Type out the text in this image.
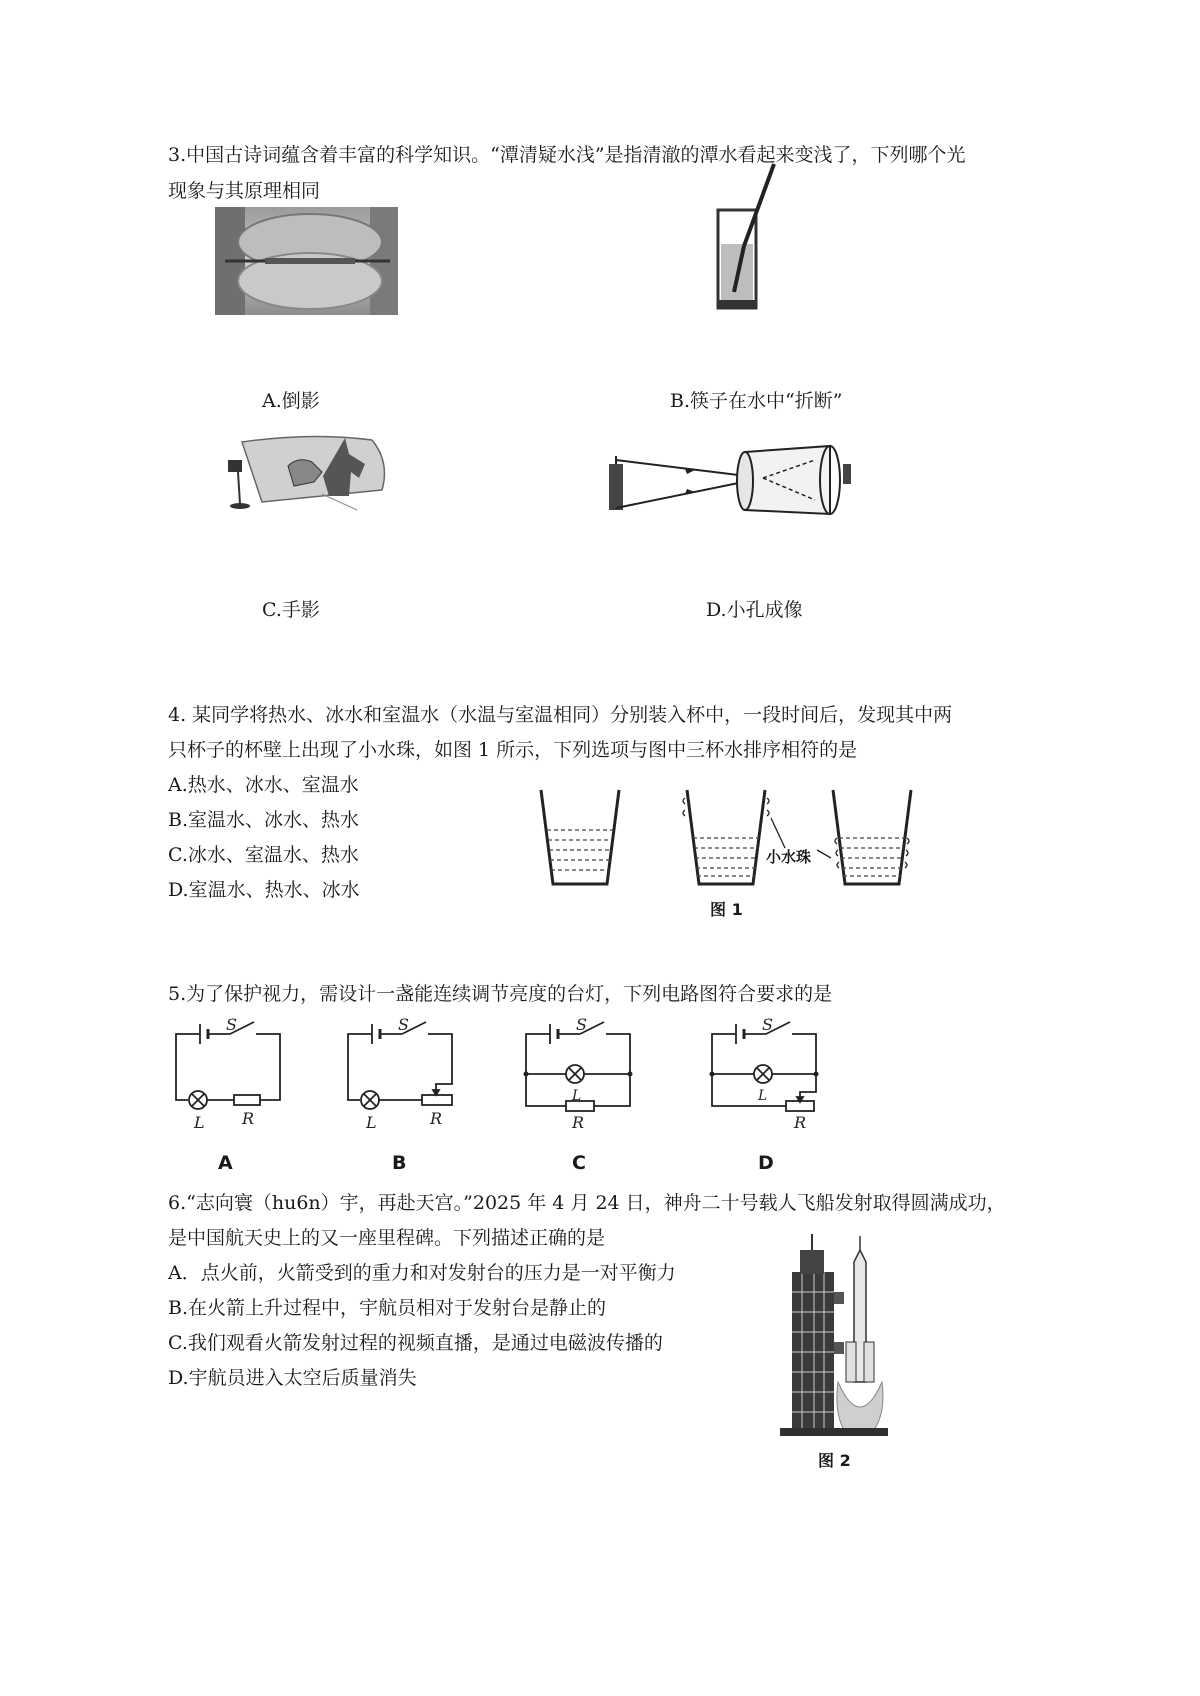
3.中国古诗词蕴含着丰富的科学知识。“潭清疑水浅”是指清澈的潭水看起来变浅了，下列哪个光
现象与其原理相同
A.倒影	B.筷子在水中“折断”
C.手影	D.小孔成像
4. 某同学将热水、冰水和室温水（水温与室温相同）分别装入杯中，一段时间后，发现其中两
只杯子的杯壁上出现了小水珠，如图 1 所示，下列选项与图中三杯水排序相符的是
A.热水、冰水、室温水
B.室温水、冰水、热水
C.冰水、室温水、热水
D.室温水、热水、冰水
小水珠
图 1
5.为了保护视力，需设计一盏能连续调节亮度的台灯，下列电路图符合要求的是
S
L R
A
S
L	R
B
S
L
R
C
S
L
R
D
6.“志向寰（hu6n）宇，再赴天宫。”2025 年 4 月 24 日，神舟二十号载人飞船发射取得圆满成功，
是中国航天史上的又一座里程碑。下列描述正确的是
A．点火前，火箭受到的重力和对发射台的压力是一对平衡力
B.在火箭上升过程中，宇航员相对于发射台是静止的
C.我们观看火箭发射过程的视频直播，是通过电磁波传播的
D.宇航员进入太空后质量消失
图 2
